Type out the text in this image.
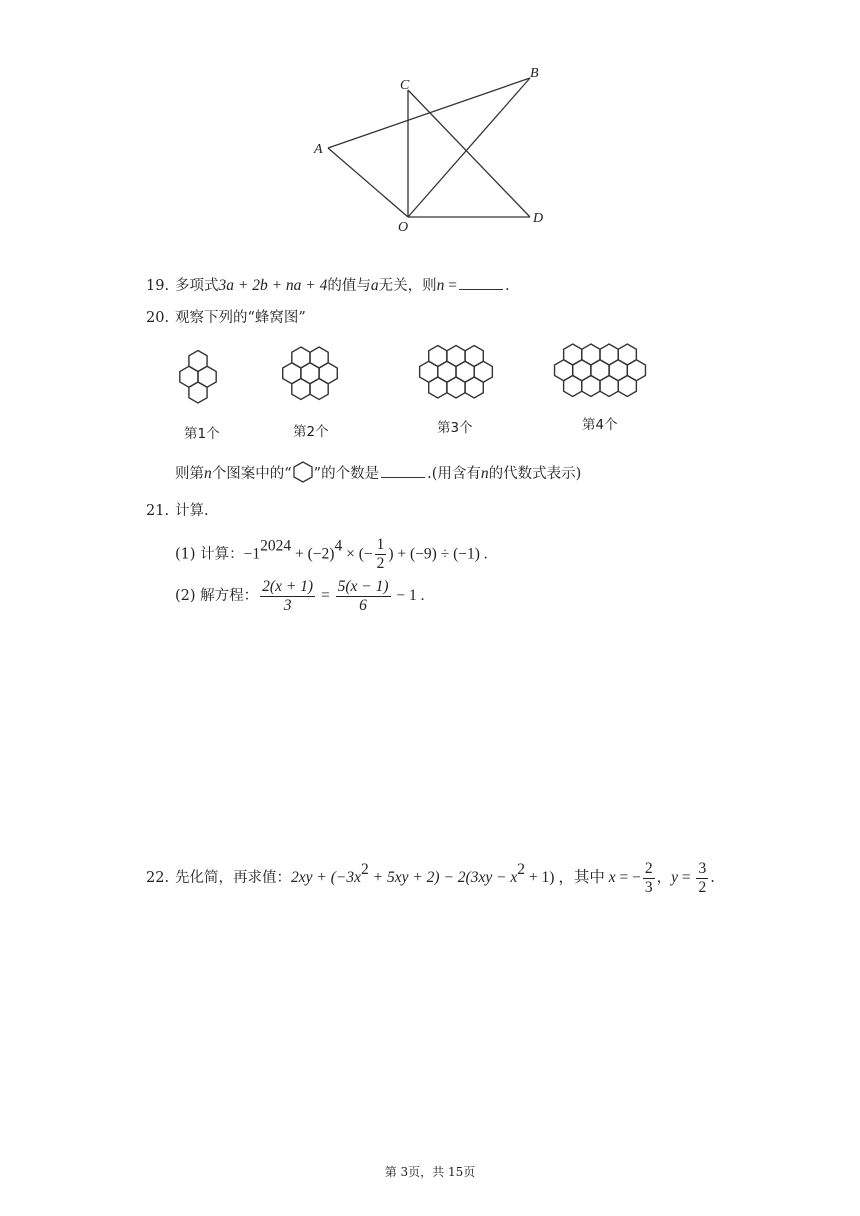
A
B
C
D
O
19. 多项式3a + 2b + na + 4的值与a无关，则n =	.
20. 观察下列的“蜂窝图”
第1个	第2个	第3个	第4个
则第n个图案中的“ ”的个数是	.(用含有n的代数式表示)
21. 计算.
(1) 计算：$-1^{2024} + (-2)^4$ × (− $\frac{1}{2}$ ) + (−9) ÷ (−1) .
(2) 解方程： $\frac{2(x + 1)}{3} = \frac{5(x - 1)}{6} - 1$ .
22. 先化简，再求值：$2xy + (-3x^2 + 5xy + 2) - 2(3xy - x^2 + 1)$ ，其中 x = − $\frac{2}{3}$ ，$y = \frac{3}{2}$ .
第 3页，共 15页
